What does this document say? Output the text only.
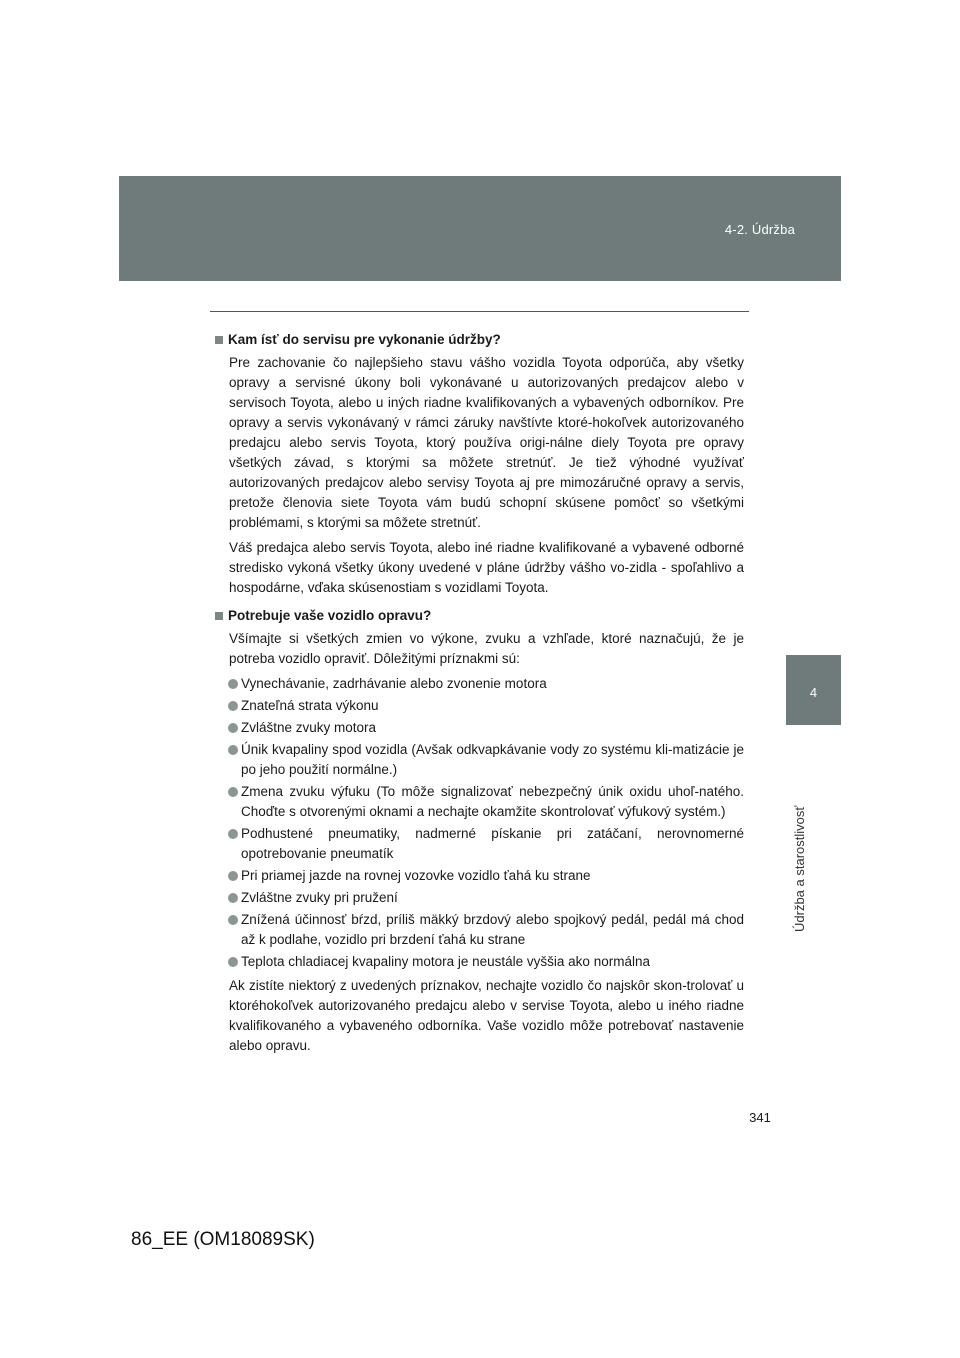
4-2. Údržba
4
Údržba a starostlivosť

Kam ísť do servisu pre vykonanie údržby?

Pre zachovanie čo najlepšieho stavu vášho vozidla Toyota odporúča, aby všetky opravy a servisné úkony boli vykonávané u autorizovaných predajcov alebo v servisoch Toyota, alebo u iných riadne kvalifikovaných a vybavených odborníkov. Pre opravy a servis vykonávaný v rámci záruky navštívte ktoré-hokoľvek autorizovaného predajcu alebo servis Toyota, ktorý používa origi-nálne diely Toyota pre opravy všetkých závad, s ktorými sa môžete stretnúť. Je tiež výhodné využívať autorizovaných predajcov alebo servisy Toyota aj pre mimozáručné opravy a servis, pretože členovia siete Toyota vám budú schopní skúsene pomôcť so všetkými problémami, s ktorými sa môžete stretnúť.

Váš predajca alebo servis Toyota, alebo iné riadne kvalifikované a vybavené odborné stredisko vykoná všetky úkony uvedené v pláne údržby vášho vo-zidla - spoľahlivo a hospodárne, vďaka skúsenostiam s vozidlami Toyota.

Potrebuje vaše vozidlo opravu?

Všímajte si všetkých zmien vo výkone, zvuku a vzhľade, ktoré naznačujú, že je potreba vozidlo opraviť. Dôležitými príznakmi sú:

Vynechávanie, zadrhávanie alebo zvonenie motora
Znateľná strata výkonu
Zvláštne zvuky motora
Únik kvapaliny spod vozidla (Avšak odkvapkávanie vody zo systému kli-matizácie je po jeho použití normálne.)
Zmena zvuku výfuku (To môže signalizovať nebezpečný únik oxidu uhoľ-natého. Choďte s otvorenými oknami a nechajte okamžite skontrolovať výfukový systém.)
Podhustené pneumatiky, nadmerné pískanie pri zatáčaní, nerovnomerné opotrebovanie pneumatík
Pri priamej jazde na rovnej vozovke vozidlo ťahá ku strane
Zvláštne zvuky pri pružení
Znížená účinnosť bŕzd, príliš mäkký brzdový alebo spojkový pedál, pedál má chod až k podlahe, vozidlo pri brzdení ťahá ku strane
Teplota chladiacej kvapaliny motora je neustále vyššia ako normálna

Ak zistíte niektorý z uvedených príznakov, nechajte vozidlo čo najskôr skon-trolovať u ktoréhokoľvek autorizovaného predajcu alebo v servise Toyota, alebo u iného riadne kvalifikovaného a vybaveného odborníka. Vaše vozidlo môže potrebovať nastavenie alebo opravu.

341
86_EE (OM18089SK)
